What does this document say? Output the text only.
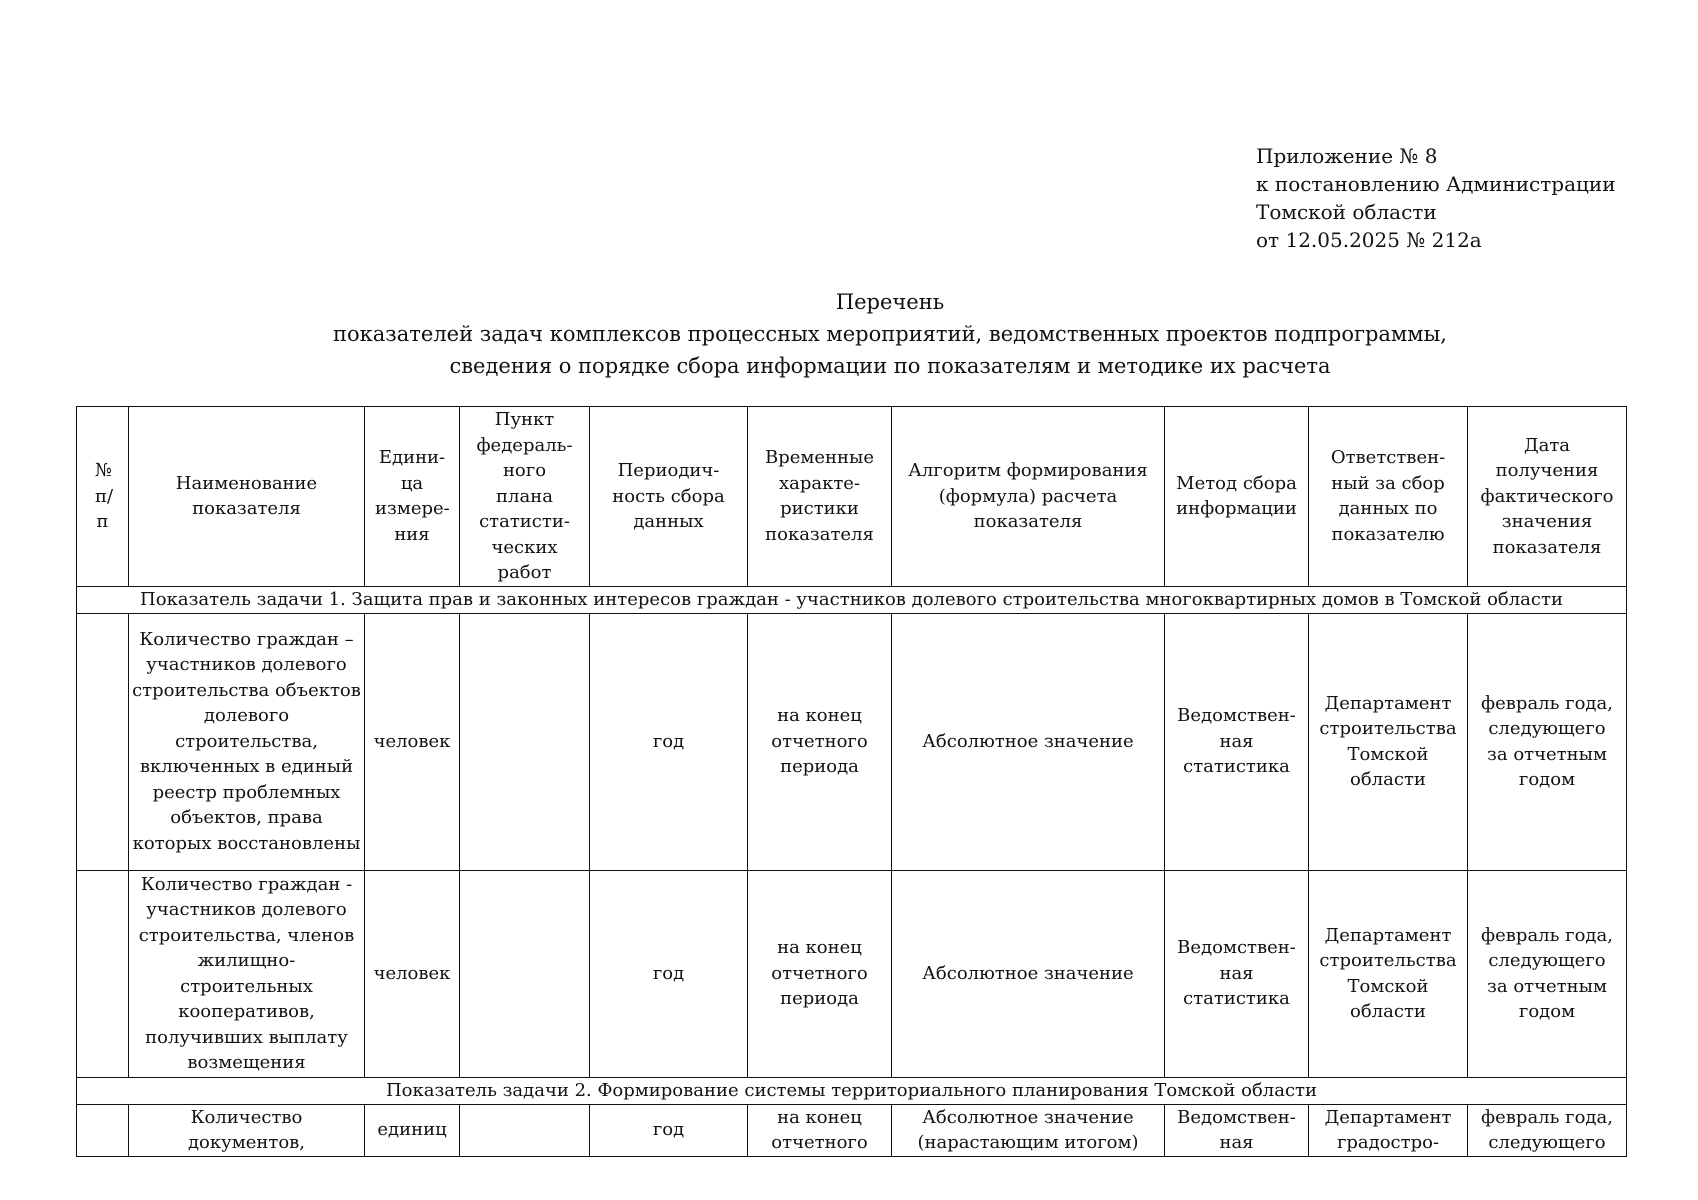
Приложение № 8
к постановлению Администрации
Томской области
от 12.05.2025 № 212а
Перечень
показателей задач комплексов процессных мероприятий, ведомственных проектов подпрограммы,
сведения о порядке сбора информации по показателям и методике их расчета
№ п/п	Наименование показателя	Едини- ца измере- ния	Пункт федераль- ного плана статисти- ческих работ	Периодич- ность сбора данных	Временные характе- ристики показателя	Алгоритм формирования (формула) расчета показателя	Метод сбора информации	Ответствен- ный за сбор данных по показателю	Дата получения фактического значения показателя
Показатель задачи 1. Защита прав и законных интересов граждан - участников долевого строительства многоквартирных домов в Томской области									
	Количество граждан – участников долевого строительства объектов долевого строительства, включенных в единый реестр проблемных объектов, права которых восстановлены	человек		год	на конец отчетного периода	Абсолютное значение	Ведомствен- ная статистика	Департамент строительства Томской области	февраль года, следующего за отчетным годом
	Количество граждан - участников долевого строительства, членов жилищно- строительных кооперативов, получивших выплату возмещения	человек		год	на конец отчетного периода	Абсолютное значение	Ведомствен- ная статистика	Департамент строительства Томской области	февраль года, следующего за отчетным годом
Показатель задачи 2. Формирование системы территориального планирования Томской области									
	Количество документов,	единиц		год	на конец отчетного	Абсолютное значение (нарастающим итогом)	Ведомствен- ная	Департамент градостро-	февраль года, следующего
